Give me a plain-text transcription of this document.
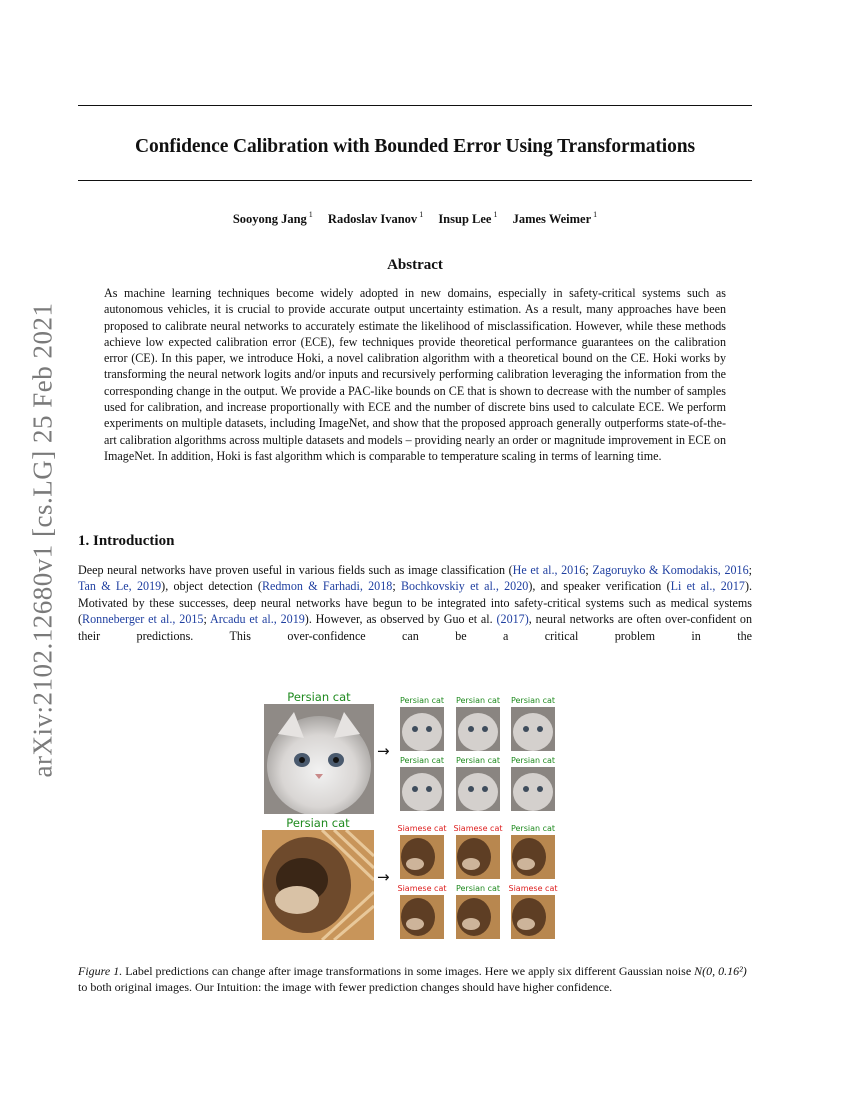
arXiv:2102.12680v1 [cs.LG] 25 Feb 2021
Confidence Calibration with Bounded Error Using Transformations
Sooyong Jang $^1$ Radoslav Ivanov $^1$ Insup Lee $^1$ James Weimer $^1$
Abstract
As machine learning techniques become widely adopted in new domains, especially in safety-critical systems such as autonomous vehicles, it is crucial to provide accurate output uncertainty estimation. As a result, many approaches have been proposed to calibrate neural networks to accurately estimate the likelihood of misclassification. However, while these methods achieve low expected calibration error (ECE), few techniques provide theoretical performance guarantees on the calibration error (CE). In this paper, we introduce Hoki, a novel calibration algorithm with a theoretical bound on the CE. Hoki works by transforming the neural network logits and/or inputs and recursively performing calibration leveraging the information from the corresponding change in the output. We provide a PAC-like bounds on CE that is shown to decrease with the number of samples used for calibration, and increase proportionally with ECE and the number of discrete bins used to calculate ECE. We perform experiments on multiple datasets, including ImageNet, and show that the proposed approach generally outperforms state-of-the-art calibration algorithms across multiple datasets and models – providing nearly an order or magnitude improvement in ECE on ImageNet. In addition, Hoki is fast algorithm which is comparable to temperature scaling in terms of learning time.
1. Introduction
Deep neural networks have proven useful in various fields such as image classification (He et al., 2016; Zagoruyko & Komodakis, 2016; Tan & Le, 2019), object detection (Redmon & Farhadi, 2018; Bochkovskiy et al., 2020), and speaker verification (Li et al., 2017). Motivated by these successes, deep neural networks have begun to be integrated into safety-critical systems such as medical systems (Ronneberger et al., 2015; Arcadu et al., 2019). However, as observed by Guo et al. (2017), neural networks are often over-confident on their predictions. This over-confidence can be a critical problem in the
Persian cat
→
Persian cat	Persian cat	Persian cat
Persian cat	Persian cat	Persian cat
Persian cat
→
Siamese cat Siamese cat	Persian cat
Siamese cat	Persian cat	Siamese cat
Figure 1. Label predictions can change after image transformations in some images. Here we apply six different Gaussian noise N(0, 0.16²) to both original images. Our Intuition: the image with fewer prediction changes should have higher confidence.
